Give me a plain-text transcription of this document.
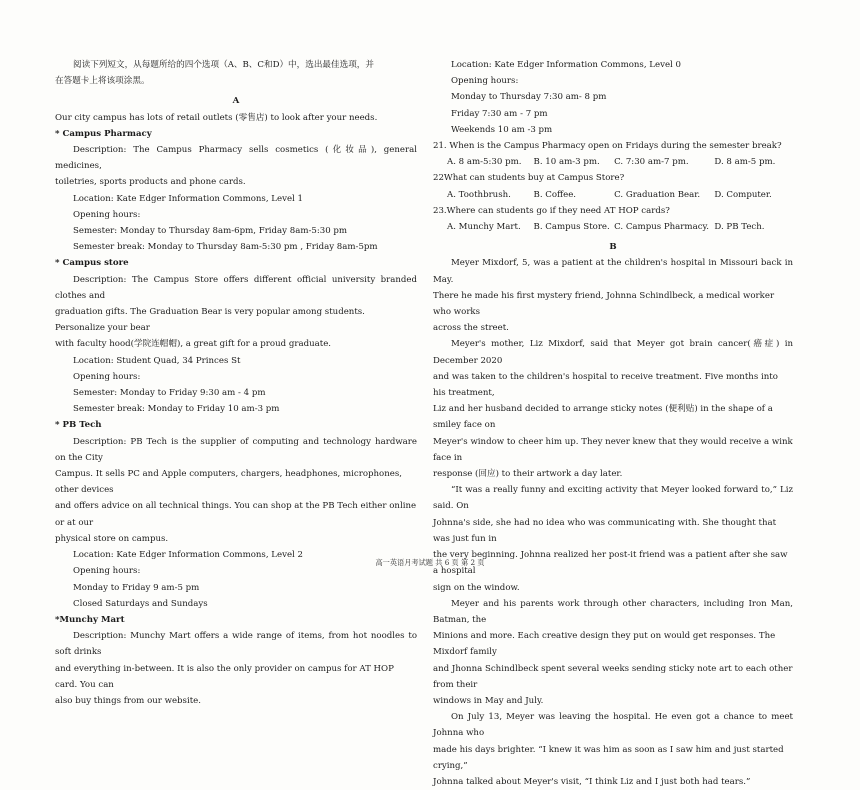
阅读下列短文，从每题所给的四个选项（A、B、C和D）中，选出最佳选项，并

在答题卡上将该项涂黑。

A

Our city campus has lots of retail outlets (零售店) to look after your needs.

* Campus Pharmacy

Description: The Campus Pharmacy sells cosmetics (化妆品), general medicines,

toiletries, sports products and phone cards.

Location: Kate Edger Information Commons, Level 1

Opening hours:

Semester: Monday to Thursday 8am-6pm, Friday 8am-5:30 pm

Semester break: Monday to Thursday 8am-5:30 pm , Friday 8am-5pm

* Campus store

Description: The Campus Store offers different official university branded clothes and

graduation gifts. The Graduation Bear is very popular among students. Personalize your bear

with faculty hood(学院连帽帽), a great gift for a proud graduate.

Location: Student Quad, 34 Princes St

Opening hours:

Semester: Monday to Friday 9:30 am - 4 pm

Semester break: Monday to Friday 10 am-3 pm

* PB Tech

Description: PB Tech is the supplier of computing and technology hardware on the City

Campus. It sells PC and Apple computers, chargers, headphones, microphones, other devices

and offers advice on all technical things. You can shop at the PB Tech either online or at our

physical store on campus.

Location: Kate Edger Information Commons, Level 2

Opening hours:

Monday to Friday 9 am-5 pm

Closed Saturdays and Sundays

*Munchy Mart

Description: Munchy Mart offers a wide range of items, from hot noodles to soft drinks

and everything in-between. It is also the only provider on campus for AT HOP card. You can

also buy things from our website.

Location: Kate Edger Information Commons, Level 0

Opening hours:

Monday to Thursday 7:30 am- 8 pm

Friday 7:30 am - 7 pm

Weekends 10 am -3 pm

21. When is the Campus Pharmacy open on Fridays during the semester break?

A. 8 am-5:30 pm.	B. 10 am-3 pm.	C. 7:30 am-7 pm.	D. 8 am-5 pm.

22What can students buy at Campus Store?

A. Toothbrush.	B. Coffee.	C. Graduation Bear.	D. Computer.

23.Where can students go if they need AT HOP cards?

A. Munchy Mart.	B. Campus Store. C. Campus Pharmacy. D. PB Tech.

B

Meyer Mixdorf, 5, was a patient at the children's hospital in Missouri back in May.

There he made his first mystery friend, Johnna Schindlbeck, a medical worker who works

across the street.

Meyer's mother, Liz Mixdorf, said that Meyer got brain cancer(癌症) in December 2020

and was taken to the children's hospital to receive treatment. Five months into his treatment,

Liz and her husband decided to arrange sticky notes (便利贴) in the shape of a smiley face on

Meyer's window to cheer him up. They never knew that they would receive a wink face in

response (回应) to their artwork a day later.

“It was a really funny and exciting activity that Meyer looked forward to,” Liz said. On

Johnna's side, she had no idea who was communicating with. She thought that was just fun in

the very beginning. Johnna realized her post-it friend was a patient after she saw a hospital

sign on the window.

Meyer and his parents work through other characters, including Iron Man, Batman, the

Minions and more. Each creative design they put on would get responses. The Mixdorf family

and Jhonna Schindlbeck spent several weeks sending sticky note art to each other from their

windows in May and July.

On July 13, Meyer was leaving the hospital. He even got a chance to meet Johnna who

made his days brighter. “I knew it was him as soon as I saw him and just started crying,”

Johnna talked about Meyer's visit, “I think Liz and I just both had tears.”

高一英语月考试题 共 6 页 第 2 页
